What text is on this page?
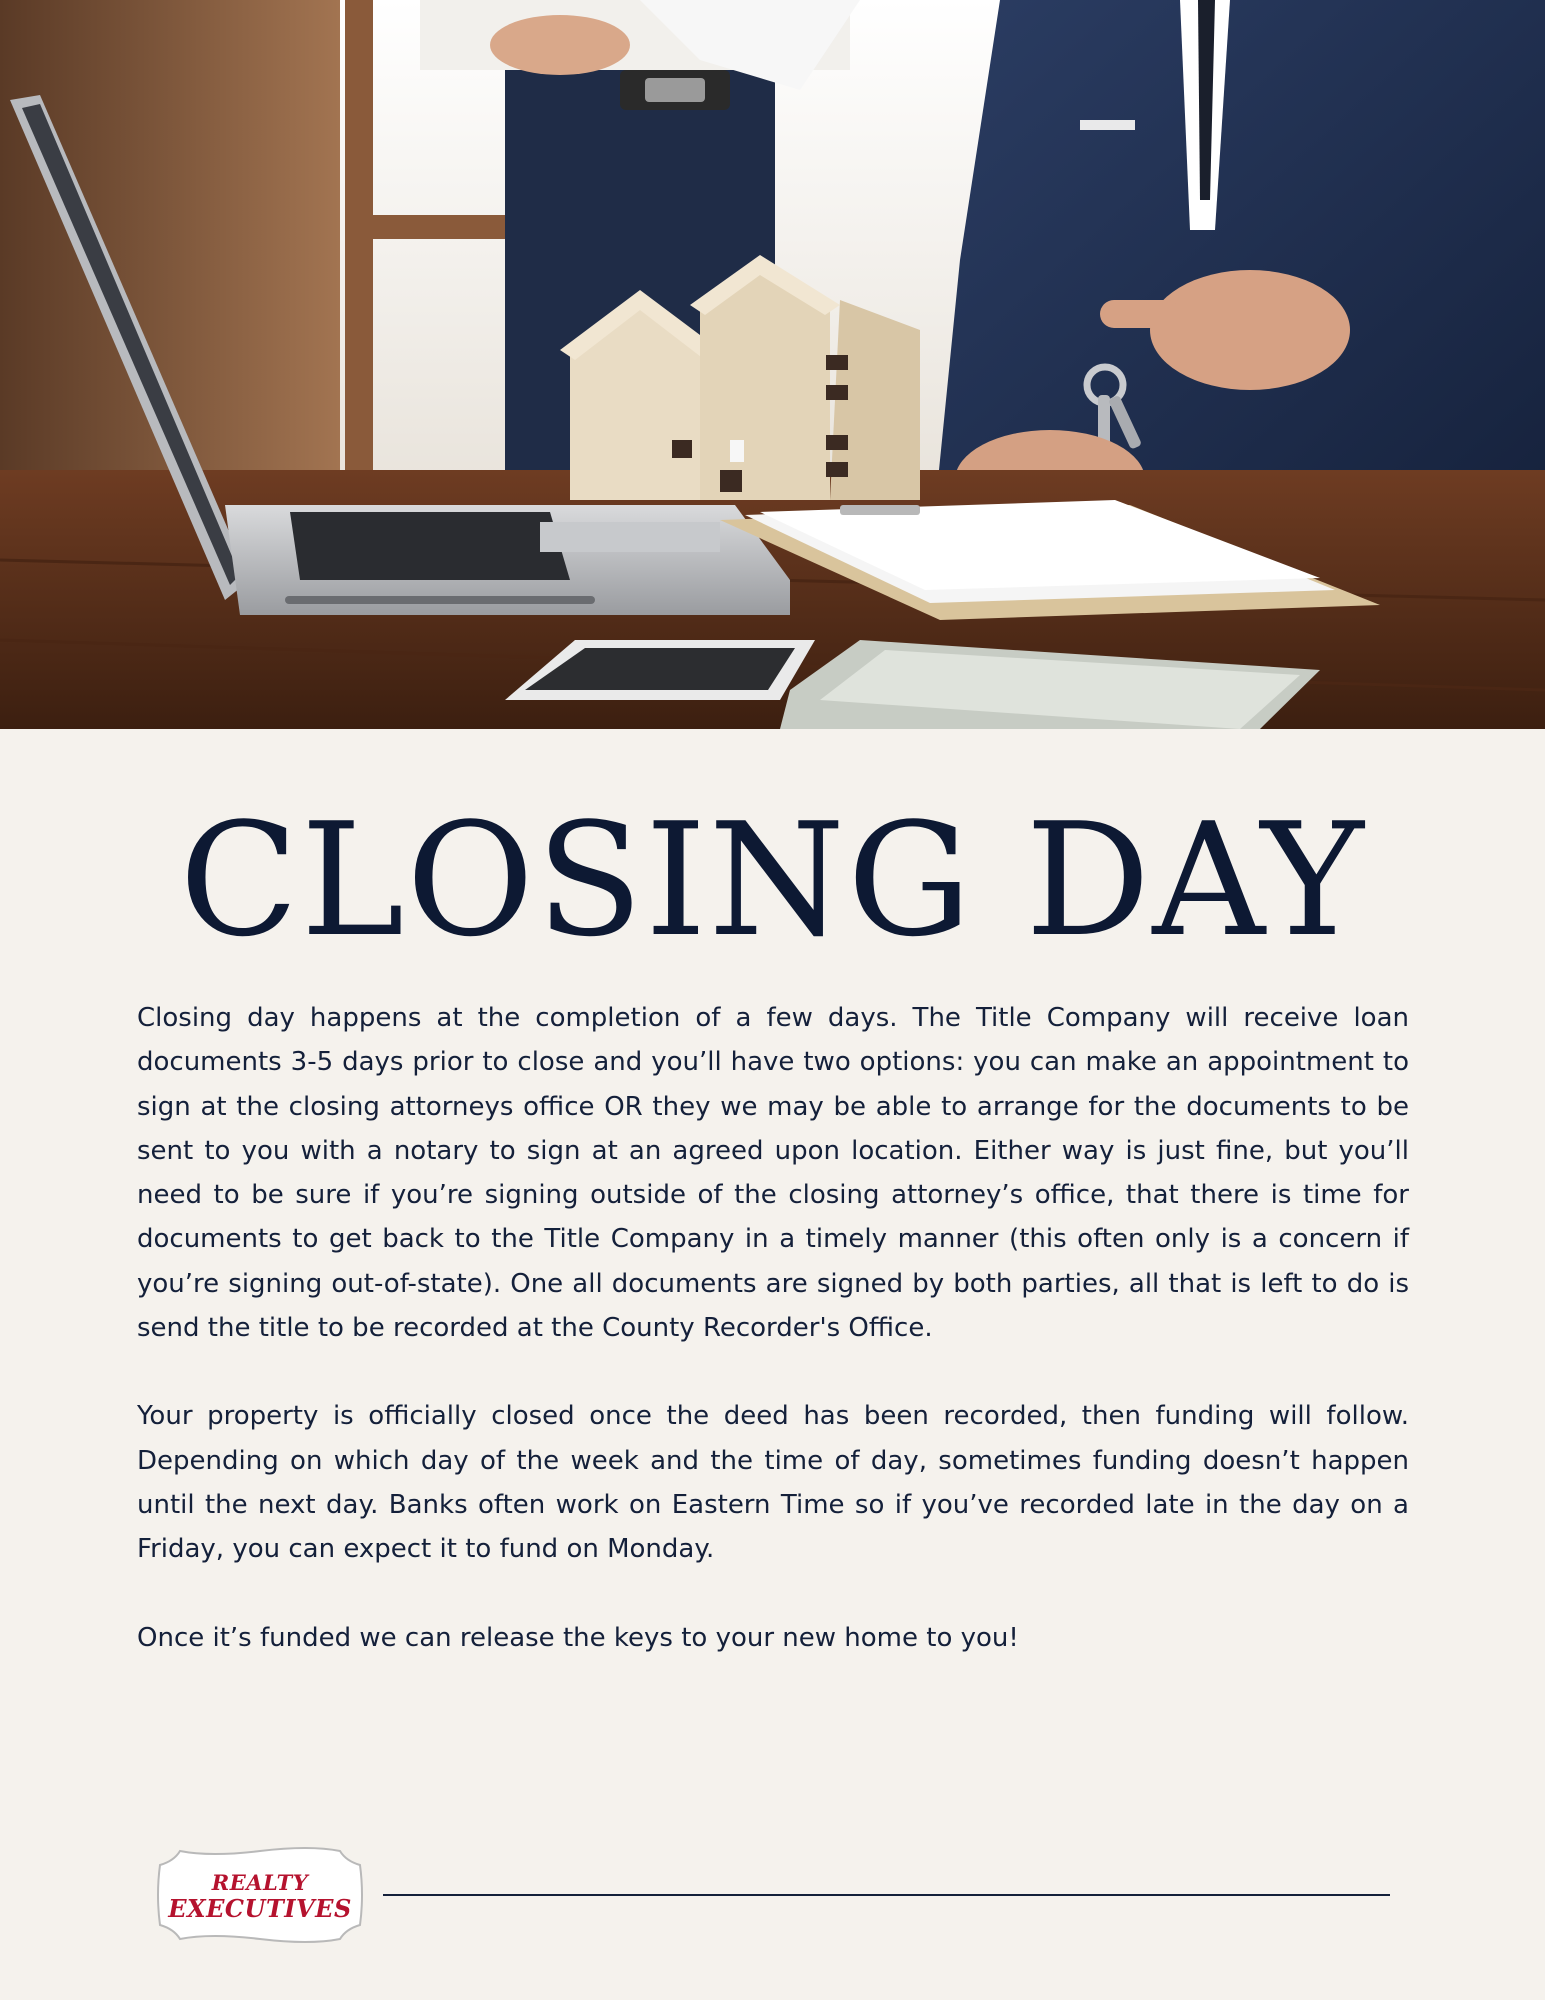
CLOSING DAY

Closing day happens at the completion of a few days. The Title Company will receive loan documents 3-5 days prior to close and you’ll have two options: you can make an appointment to sign at the closing attorneys office OR they we may be able to arrange for the documents to be sent to you with a notary to sign at an agreed upon location. Either way is just fine, but you’ll need to be sure if you’re signing outside of the closing attorney’s office, that there is time for documents to get back to the Title Company in a timely manner (this often only is a concern if you’re signing out-of-state). One all documents are signed by both parties, all that is left to do is send the title to be recorded at the County Recorder's Office.

Your property is officially closed once the deed has been recorded, then funding will follow. Depending on which day of the week and the time of day, sometimes funding doesn’t happen until the next day. Banks often work on Eastern Time so if you’ve recorded late in the day on a Friday, you can expect it to fund on Monday.

Once it’s funded we can release the keys to your new home to you!

REALTY
EXECUTIVES
